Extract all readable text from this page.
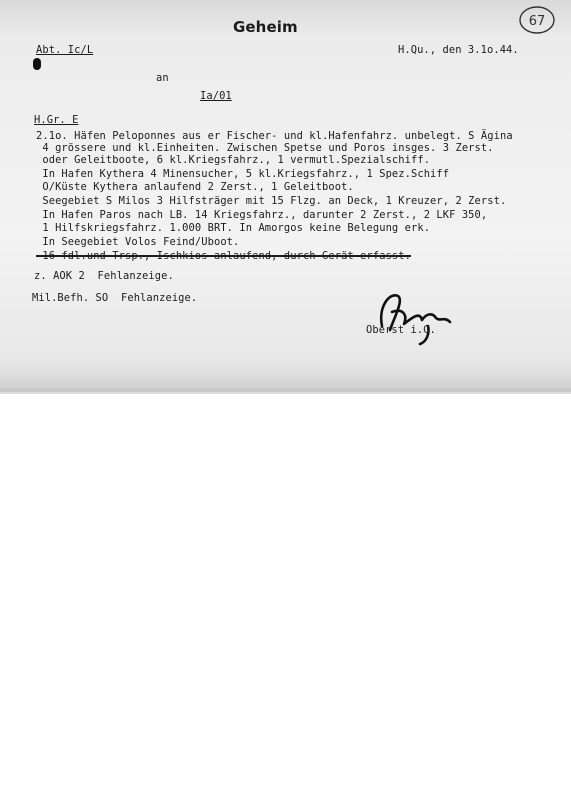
Geheim	67
Abt. Ic/L	H.Qu., den 3.1o.44.
an
Ia/01
H.Gr. E
2.1o. Häfen Peloponnes aus er Fischer- und kl.Hafenfahrz. unbelegt. S Ägina
4 grössere und kl.Einheiten. Zwischen Spetse und Poros insges. 3 Zerst.
oder Geleitboote, 6 kl.Kriegsfahrz., 1 vermutl.Spezialschiff.
In Hafen Kythera 4 Minensucher, 5 kl.Kriegsfahrz., 1 Spez.Schiff
O/Küste Kythera anlaufend 2 Zerst., 1 Geleitboot.
Seegebiet S Milos 3 Hilfsträger mit 15 Flzg. an Deck, 1 Kreuzer, 2 Zerst.
In Hafen Paros nach LB. 14 Kriegsfahrz., darunter 2 Zerst., 2 LKF 350,
1 Hilfskriegsfahrz. 1.000 BRT. In Amorgos keine Belegung erk.
In Seegebiet Volos Feind/Uboot.
16 fdl.und Trsp., Ischkios anlaufend, durch Gerät erfasst.
z. AOK 2  Fehlanzeige.
Mil.Befh. SO  Fehlanzeige.
Oberst i.G.
